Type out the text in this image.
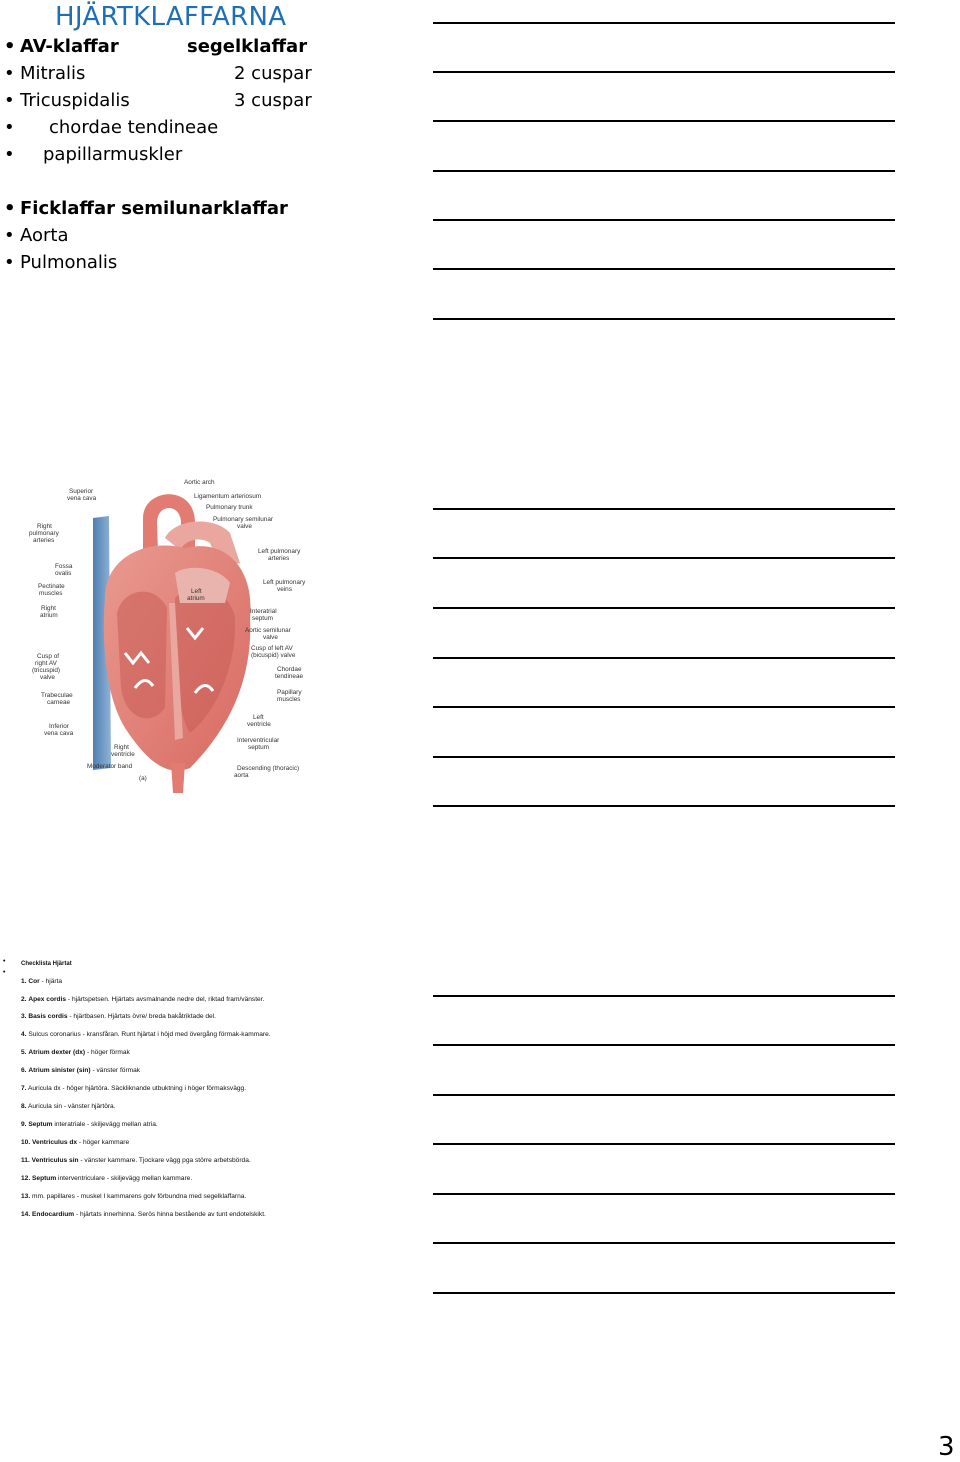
HJÄRTKLAFFARNA
• AV-klaffar	segelklaffar
• Mitralis	2 cuspar
• Tricuspidalis	3 cuspar
• chordae tendineae
• papillarmuskler
• Ficklaffar semilunarklaffar
• Aorta
• Pulmonalis
Superior
vena cava
Right
pulmonary
arteries
Fossa
ovalis
Pectinate
muscles
Right
atrium
Cusp of
right AV
(tricuspid)
valve
Trabeculae
carneae
Inferior
vena cava
Right
ventricle
Moderator band
(a)
Aortic arch
Ligamentum arteriosum
Pulmonary trunk
Pulmonary semilunar
valve
Left pulmonary
arteries
Left pulmonary
veins
Interatrial
septum
Aortic semilunar
valve
Cusp of left AV
(bicuspid) valve
Chordae
tendineae
Papillary
muscles
Left
ventricle
Interventricular
septum
Descending (thoracic)
aorta
Left
atrium
•
•
Checklista Hjärtat
1. Cor - hjärta
2. Apex cordis - hjärtspetsen. Hjärtats avsmalnande nedre del, riktad fram/vänster.
3. Basis cordis - hjärtbasen. Hjärtats övre/ breda bakåtriktade del.
4. Sulcus coronarius - kransfåran. Runt hjärtat i höjd med övergång förmak-kammare.
5. Atrium dexter (dx) - höger förmak
6. Atrium sinister (sin) - vänster förmak
7. Auricula dx - höger hjärtöra. Säckliknande utbuktning i höger förmaksvägg.
8. Auricula sin - vänster hjärtöra.
9. Septum interatriale - skiljevägg mellan atria.
10. Ventriculus dx - höger kammare
11. Ventriculus sin - vänster kammare. Tjockare vägg pga större arbetsbörda.
12. Septum interventriculare - skiljevägg mellan kammare.
13. mm. papillares - muskel I kammarens golv förbundna med segelklaffarna.
14. Endocardium - hjärtats innerhinna. Serös hinna bestående av tunt endotelskikt.
3
